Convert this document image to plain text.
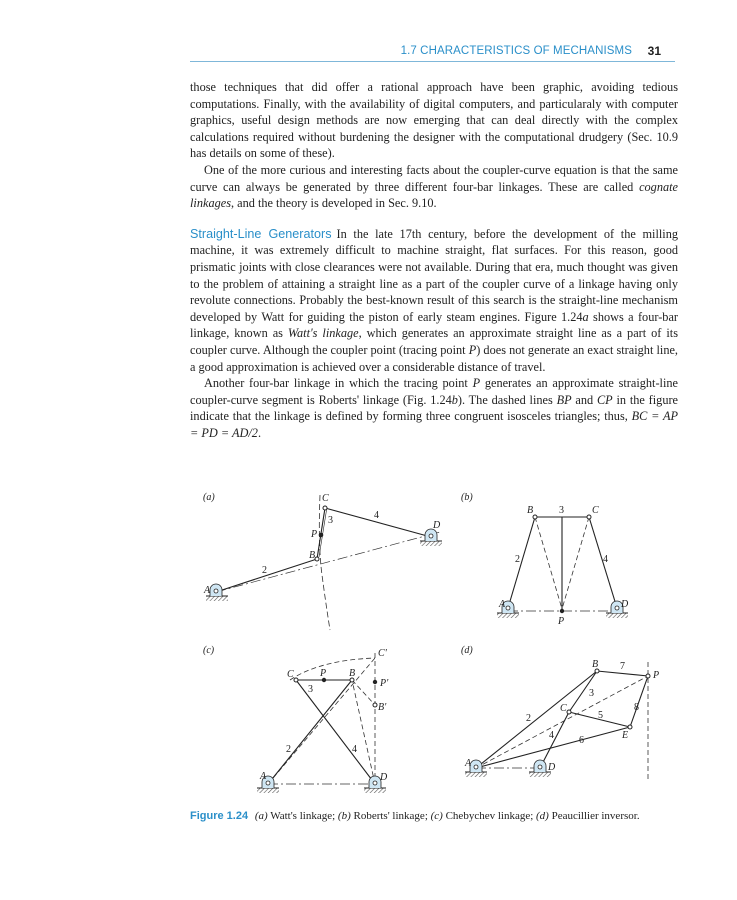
1.7 CHARACTERISTICS OF MECHANISMS 31

those techniques that did offer a rational approach have been graphic, avoiding tedious computations. Finally, with the availability of digital computers, and particularaly with computer graphics, useful design methods are now emerging that can deal directly with the complex calculations required without burdening the designer with the computational drudgery (Sec. 10.9 has details on some of these).

One of the more curious and interesting facts about the coupler-curve equation is that the same curve can always be generated by three different four-bar linkages. These are called cognate linkages, and the theory is developed in Sec. 9.10.

Straight-Line Generators In the late 17th century, before the development of the milling machine, it was extremely difficult to machine straight, flat surfaces. For this reason, good prismatic joints with close clearances were not available. During that era, much thought was given to the problem of attaining a straight line as a part of the coupler curve of a linkage having only revolute connections. Probably the best-known result of this search is the straight-line mechanism developed by Watt for guiding the piston of early steam engines. Figure 1.24a shows a four-bar linkage, known as Watt's linkage, which generates an approximate straight line as a part of its coupler curve. Although the coupler point (tracing point P) does not generate an exact straight line, a good approximation is achieved over a considerable distance of travel.

Another four-bar linkage in which the tracing point P generates an approximate straight-line coupler-curve segment is Roberts' linkage (Fig. 1.24b). The dashed lines BP and CP in the figure indicate that the linkage is defined by forming three congruent isosceles triangles; thus, BC = AP = PD = AD/2.

(a)	C
D
A
B
P
2
3	4
(b)
B	C
A	D
P
2
3
4
(c)
C	P B
C'
P'
B'
A	D
2
3
4
(d)
B
P
C
E
A	D
2
3
4
5
6
7
8
Figure 1.24 (a) Watt's linkage; (b) Roberts' linkage; (c) Chebychev linkage; (d) Peaucillier inversor.
